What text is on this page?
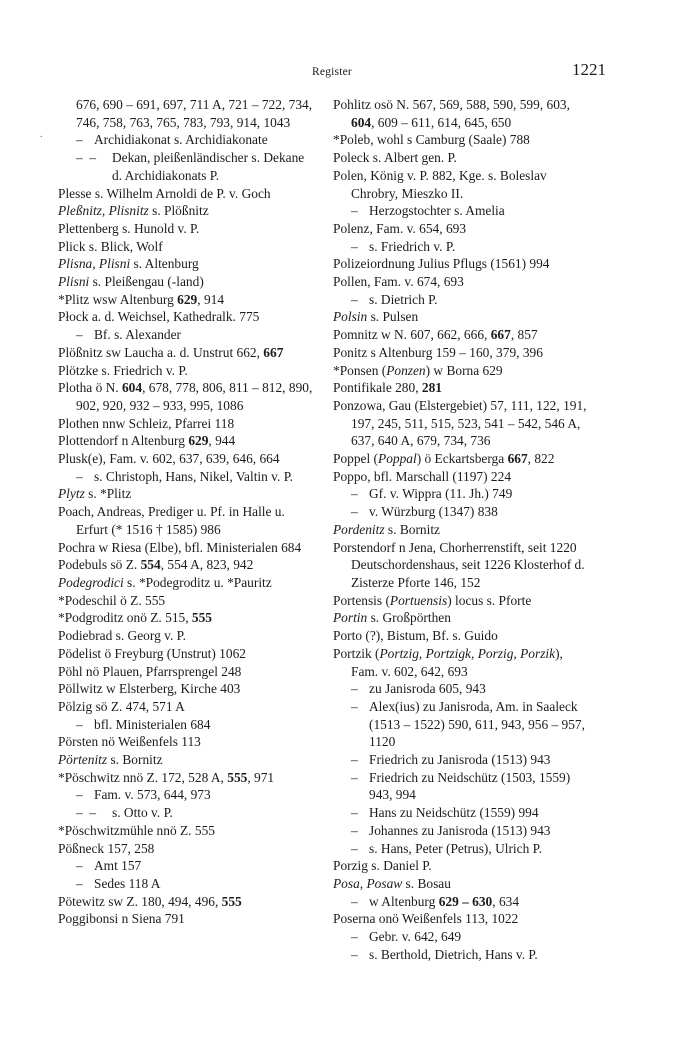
Register	1221
.
676, 690 – 691, 697, 711 A, 721 – 722, 734, 746, 758, 763, 765, 783, 793, 914, 1043
– Archidiakonat s. Archidiakonate
–  – Dekan, pleißenländischer s. Dekane d. Archidiakonats P.
Plesse s. Wilhelm Arnoldi de P. v. Goch
Pleßnitz, Plisnitz s. Plößnitz
Plettenberg s. Hunold v. P.
Plick s. Blick, Wolf
Plisna, Plisni s. Altenburg
Plisni s. Pleißengau (-land)
*Plitz wsw Altenburg 629, 914
Płock a. d. Weichsel, Kathedralk. 775
– Bf. s. Alexander
Plößnitz sw Laucha a. d. Unstrut 662, 667
Plötzke s. Friedrich v. P.
Plotha ö N. 604, 678, 778, 806, 811 – 812, 890, 902, 920, 932 – 933, 995, 1086
Plothen nnw Schleiz, Pfarrei 118
Plottendorf n Altenburg 629, 944
Plusk(e), Fam. v. 602, 637, 639, 646, 664
– s. Christoph, Hans, Nikel, Valtin v. P.
Plytz s. *Plitz
Poach, Andreas, Prediger u. Pf. in Halle u. Erfurt (* 1516 † 1585) 986
Pochra w Riesa (Elbe), bfl. Ministerialen 684
Podebuls sö Z. 554, 554 A, 823, 942
Podegrodici s. *Podegroditz u. *Pauritz
*Podeschil ö Z. 555
*Podgroditz onö Z. 515, 555
Podiebrad s. Georg v. P.
Pödelist ö Freyburg (Unstrut) 1062
Pöhl nö Plauen, Pfarrsprengel 248
Pöllwitz w Elsterberg, Kirche 403
Pölzig sö Z. 474, 571 A
– bfl. Ministerialen 684
Pörsten nö Weißenfels 113
Pörtenitz s. Bornitz
*Pöschwitz nnö Z. 172, 528 A, 555, 971
– Fam. v. 573, 644, 973
–  – s. Otto v. P.
*Pöschwitzmühle nnö Z. 555
Pößneck 157, 258
– Amt 157
– Sedes 118 A
Pötewitz sw Z. 180, 494, 496, 555
Poggibonsi n Siena 791
Pohlitz osö N. 567, 569, 588, 590, 599, 603, 604, 609 – 611, 614, 645, 650
*Poleb, wohl s Camburg (Saale) 788
Poleck s. Albert gen. P.
Polen, König v. P. 882, Kge. s. Boleslav Chrobry, Mieszko II.
– Herzogstochter s. Amelia
Polenz, Fam. v. 654, 693
– s. Friedrich v. P.
Polizeiordnung Julius Pflugs (1561) 994
Pollen, Fam. v. 674, 693
– s. Dietrich P.
Polsin s. Pulsen
Pomnitz w N. 607, 662, 666, 667, 857
Ponitz s Altenburg 159 – 160, 379, 396
*Ponsen (Ponzen) w Borna 629
Pontifikale 280, 281
Ponzowa, Gau (Elstergebiet) 57, 111, 122, 191, 197, 245, 511, 515, 523, 541 – 542, 546 A, 637, 640 A, 679, 734, 736
Poppel (Poppal) ö Eckartsberga 667, 822
Poppo, bfl. Marschall (1197) 224
– Gf. v. Wippra (11. Jh.) 749
– v. Würzburg (1347) 838
Pordenitz s. Bornitz
Porstendorf n Jena, Chorherrenstift, seit 1220 Deutschordenshaus, seit 1226 Klosterhof d. Zisterze Pforte 146, 152
Portensis (Portuensis) locus s. Pforte
Portin s. Großpörthen
Porto (?), Bistum, Bf. s. Guido
Portzik (Portzig, Portzigk, Porzig, Porzik), Fam. v. 602, 642, 693
– zu Janisroda 605, 943
– Alex(ius) zu Janisroda, Am. in Saaleck (1513 – 1522) 590, 611, 943, 956 – 957, 1120
– Friedrich zu Janisroda (1513) 943
– Friedrich zu Neidschütz (1503, 1559) 943, 994
– Hans zu Neidschütz (1559) 994
– Johannes zu Janisroda (1513) 943
– s. Hans, Peter (Petrus), Ulrich P.
Porzig s. Daniel P.
Posa, Posaw s. Bosau
– w Altenburg 629 – 630, 634
Poserna onö Weißenfels 113, 1022
– Gebr. v. 642, 649
– s. Berthold, Dietrich, Hans v. P.
